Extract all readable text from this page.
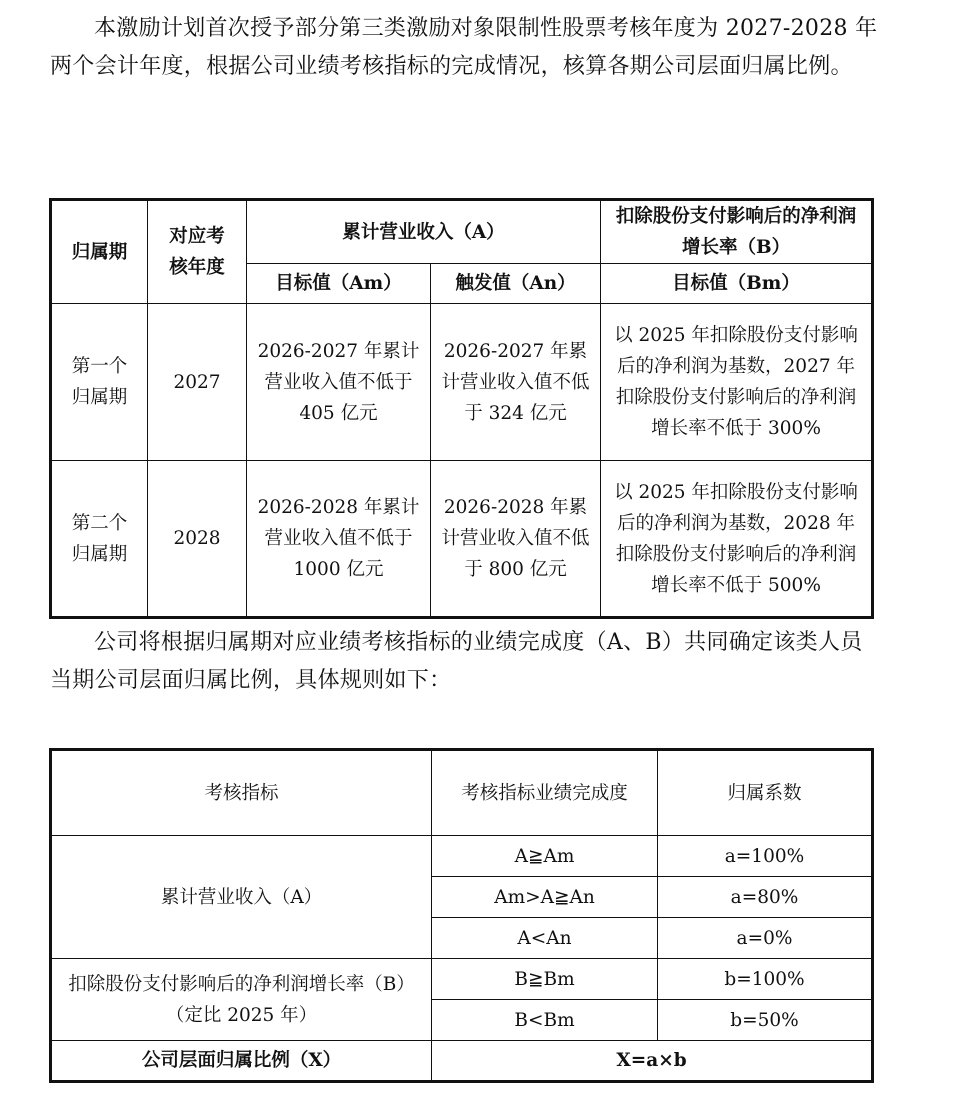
本激励计划首次授予部分第三类激励对象限制性股票考核年度为 2027-2028 年两个会计年度，根据公司业绩考核指标的完成情况，核算各期公司层面归属比例。

归属期	对应考核年度	累计营业收入（A）		扣除股份支付影响后的净利润增长率（B）
		目标值（Am）	触发值（An）	目标值（Bm）
第一个归属期	2027	2026-2027 年累计营业收入值不低于 405 亿元	2026-2027 年累计营业收入值不低于 324 亿元	以 2025 年扣除股份支付影响后的净利润为基数，2027 年扣除股份支付影响后的净利润增长率不低于 300%
第二个归属期	2028	2026-2028 年累计营业收入值不低于 1000 亿元	2026-2028 年累计营业收入值不低于 800 亿元	以 2025 年扣除股份支付影响后的净利润为基数，2028 年扣除股份支付影响后的净利润增长率不低于 500%

公司将根据归属期对应业绩考核指标的业绩完成度（A、B）共同确定该类人员当期公司层面归属比例，具体规则如下：

考核指标	考核指标业绩完成度	归属系数
累计营业收入（A）	A≧Am	a=100%
	Am>A≧An	a=80%
	A<An	a=0%
扣除股份支付影响后的净利润增长率（B）（定比 2025 年）	B≧Bm	b=100%
	B<Bm	b=50%
公司层面归属比例（X）	X=a×b	
